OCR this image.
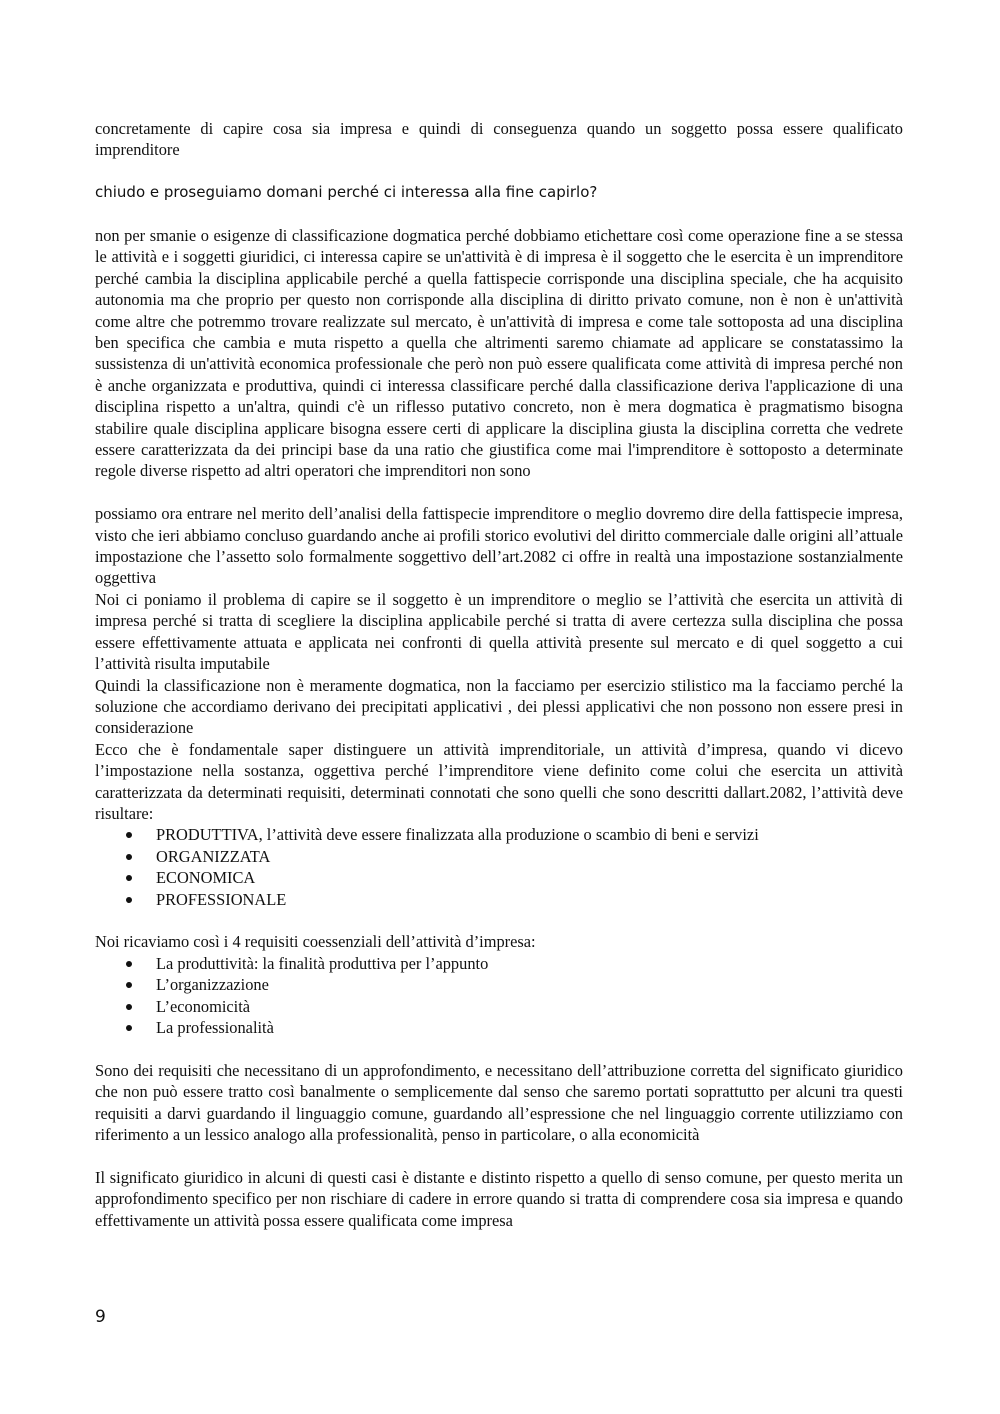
concretamente di capire cosa sia impresa e quindi di conseguenza quando un soggetto possa essere qualificato imprenditore

chiudo e proseguiamo domani perché ci interessa alla fine capirlo?

non per smanie o esigenze di classificazione dogmatica perché dobbiamo etichettare così come operazione fine a se stessa le attività e i soggetti giuridici, ci interessa capire se un'attività è di impresa è il soggetto che le esercita è un imprenditore perché cambia la disciplina applicabile perché a quella fattispecie corrisponde una disciplina speciale, che ha acquisito autonomia ma che proprio per questo non corrisponde alla disciplina di diritto privato comune, non è non è un'attività come altre che potremmo trovare realizzate sul mercato, è un'attività di impresa e come tale sottoposta ad una disciplina ben specifica che cambia e muta rispetto a quella che altrimenti saremo chiamate ad applicare se constatassimo la sussistenza di un'attività economica professionale che però non può essere qualificata come attività di impresa perché non è anche organizzata e produttiva, quindi ci interessa classificare perché dalla classificazione deriva l'applicazione di una disciplina rispetto a un'altra, quindi c'è un riflesso putativo concreto, non è mera dogmatica è pragmatismo bisogna stabilire quale disciplina applicare bisogna essere certi di applicare la disciplina giusta la disciplina corretta che vedrete essere caratterizzata da dei principi base da una ratio che giustifica come mai l'imprenditore è sottoposto a determinate regole diverse rispetto ad altri operatori che imprenditori non sono

possiamo ora entrare nel merito dell’analisi della fattispecie imprenditore o meglio dovremo dire della fattispecie impresa, visto che ieri abbiamo concluso guardando anche ai profili storico evolutivi del diritto commerciale dalle origini all’attuale impostazione che l’assetto solo formalmente soggettivo dell’art.2082 ci offre in realtà una impostazione sostanzialmente oggettiva

Noi ci poniamo il problema di capire se il soggetto è un imprenditore o meglio se l’attività che esercita un attività di impresa perché si tratta di scegliere la disciplina applicabile perché si tratta di avere certezza sulla disciplina che possa essere effettivamente attuata e applicata nei confronti di quella attività presente sul mercato e di quel soggetto a cui l’attività risulta imputabile

Quindi la classificazione non è meramente dogmatica, non la facciamo per esercizio stilistico ma la facciamo perché la soluzione che accordiamo derivano dei precipitati applicativi , dei plessi applicativi che non possono non essere presi in considerazione

Ecco che è fondamentale saper distinguere un attività imprenditoriale, un attività d’impresa, quando vi dicevo l’impostazione nella sostanza, oggettiva perché l’imprenditore viene definito come colui che esercita un attività caratterizzata da determinati requisiti, determinati connotati che sono quelli che sono descritti dallart.2082, l’attività deve risultare:

PRODUTTIVA, l’attività deve essere finalizzata alla produzione o scambio di beni e servizi
ORGANIZZATA
ECONOMICA
PROFESSIONALE

Noi ricaviamo così i 4 requisiti coessenziali dell’attività d’impresa:

La produttività: la finalità produttiva per l’appunto
L’organizzazione
L’economicità
La professionalità

Sono dei requisiti che necessitano di un approfondimento, e necessitano dell’attribuzione corretta del significato giuridico che non può essere tratto così banalmente o semplicemente dal senso che saremo portati soprattutto per alcuni tra questi requisiti a darvi guardando il linguaggio comune, guardando all’espressione che nel linguaggio corrente utilizziamo con riferimento a un lessico analogo alla professionalità, penso in particolare, o alla economicità

Il significato giuridico in alcuni di questi casi è distante e distinto rispetto a quello di senso comune, per questo merita un approfondimento specifico per non rischiare di cadere in errore quando si tratta di comprendere cosa sia impresa e quando effettivamente un attività possa essere qualificata come impresa

9
